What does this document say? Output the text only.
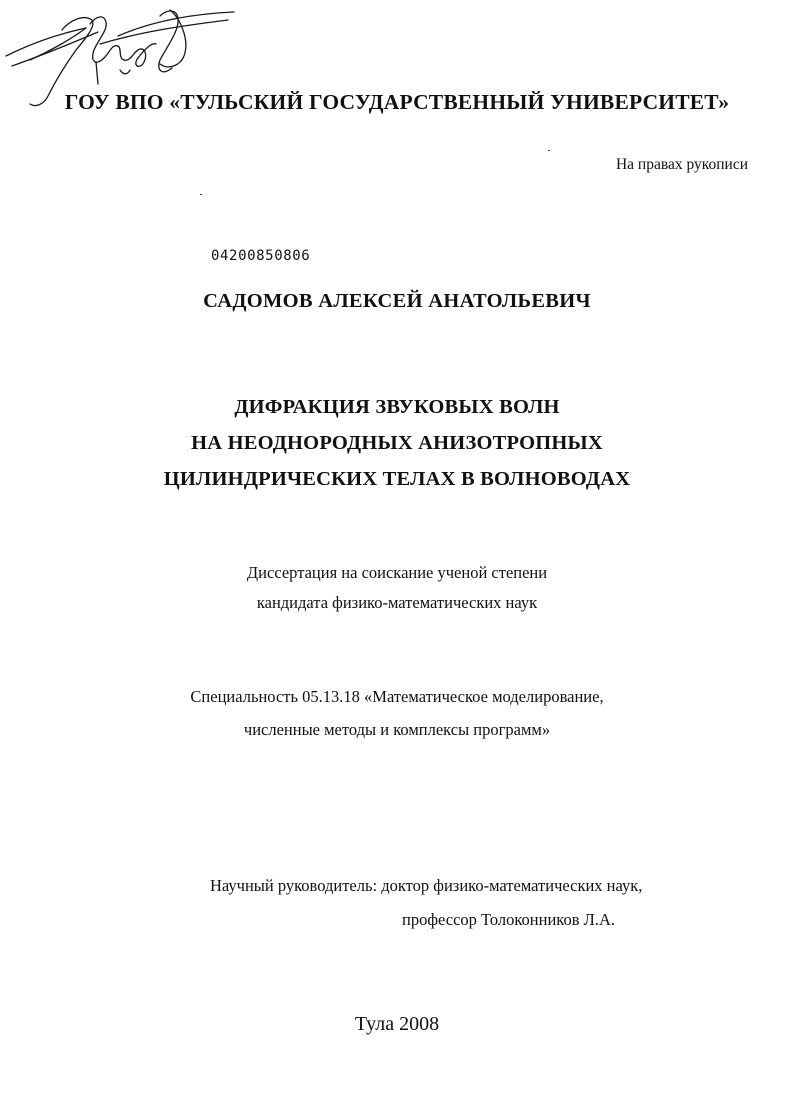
ГОУ ВПО «ТУЛЬСКИЙ ГОСУДАРСТВЕННЫЙ УНИВЕРСИТЕТ»
На правах рукописи
04200850806
САДОМОВ АЛЕКСЕЙ АНАТОЛЬЕВИЧ
ДИФРАКЦИЯ ЗВУКОВЫХ ВОЛН
НА НЕОДНОРОДНЫХ АНИЗОТРОПНЫХ
ЦИЛИНДРИЧЕСКИХ ТЕЛАХ В ВОЛНОВОДАХ
Диссертация на соискание ученой степени
кандидата физико-математических наук
Специальность 05.13.18 «Математическое моделирование,
численные методы и комплексы программ»
Научный руководитель: доктор физико-математических наук,
профессор Толоконников Л.А.
Тула 2008
